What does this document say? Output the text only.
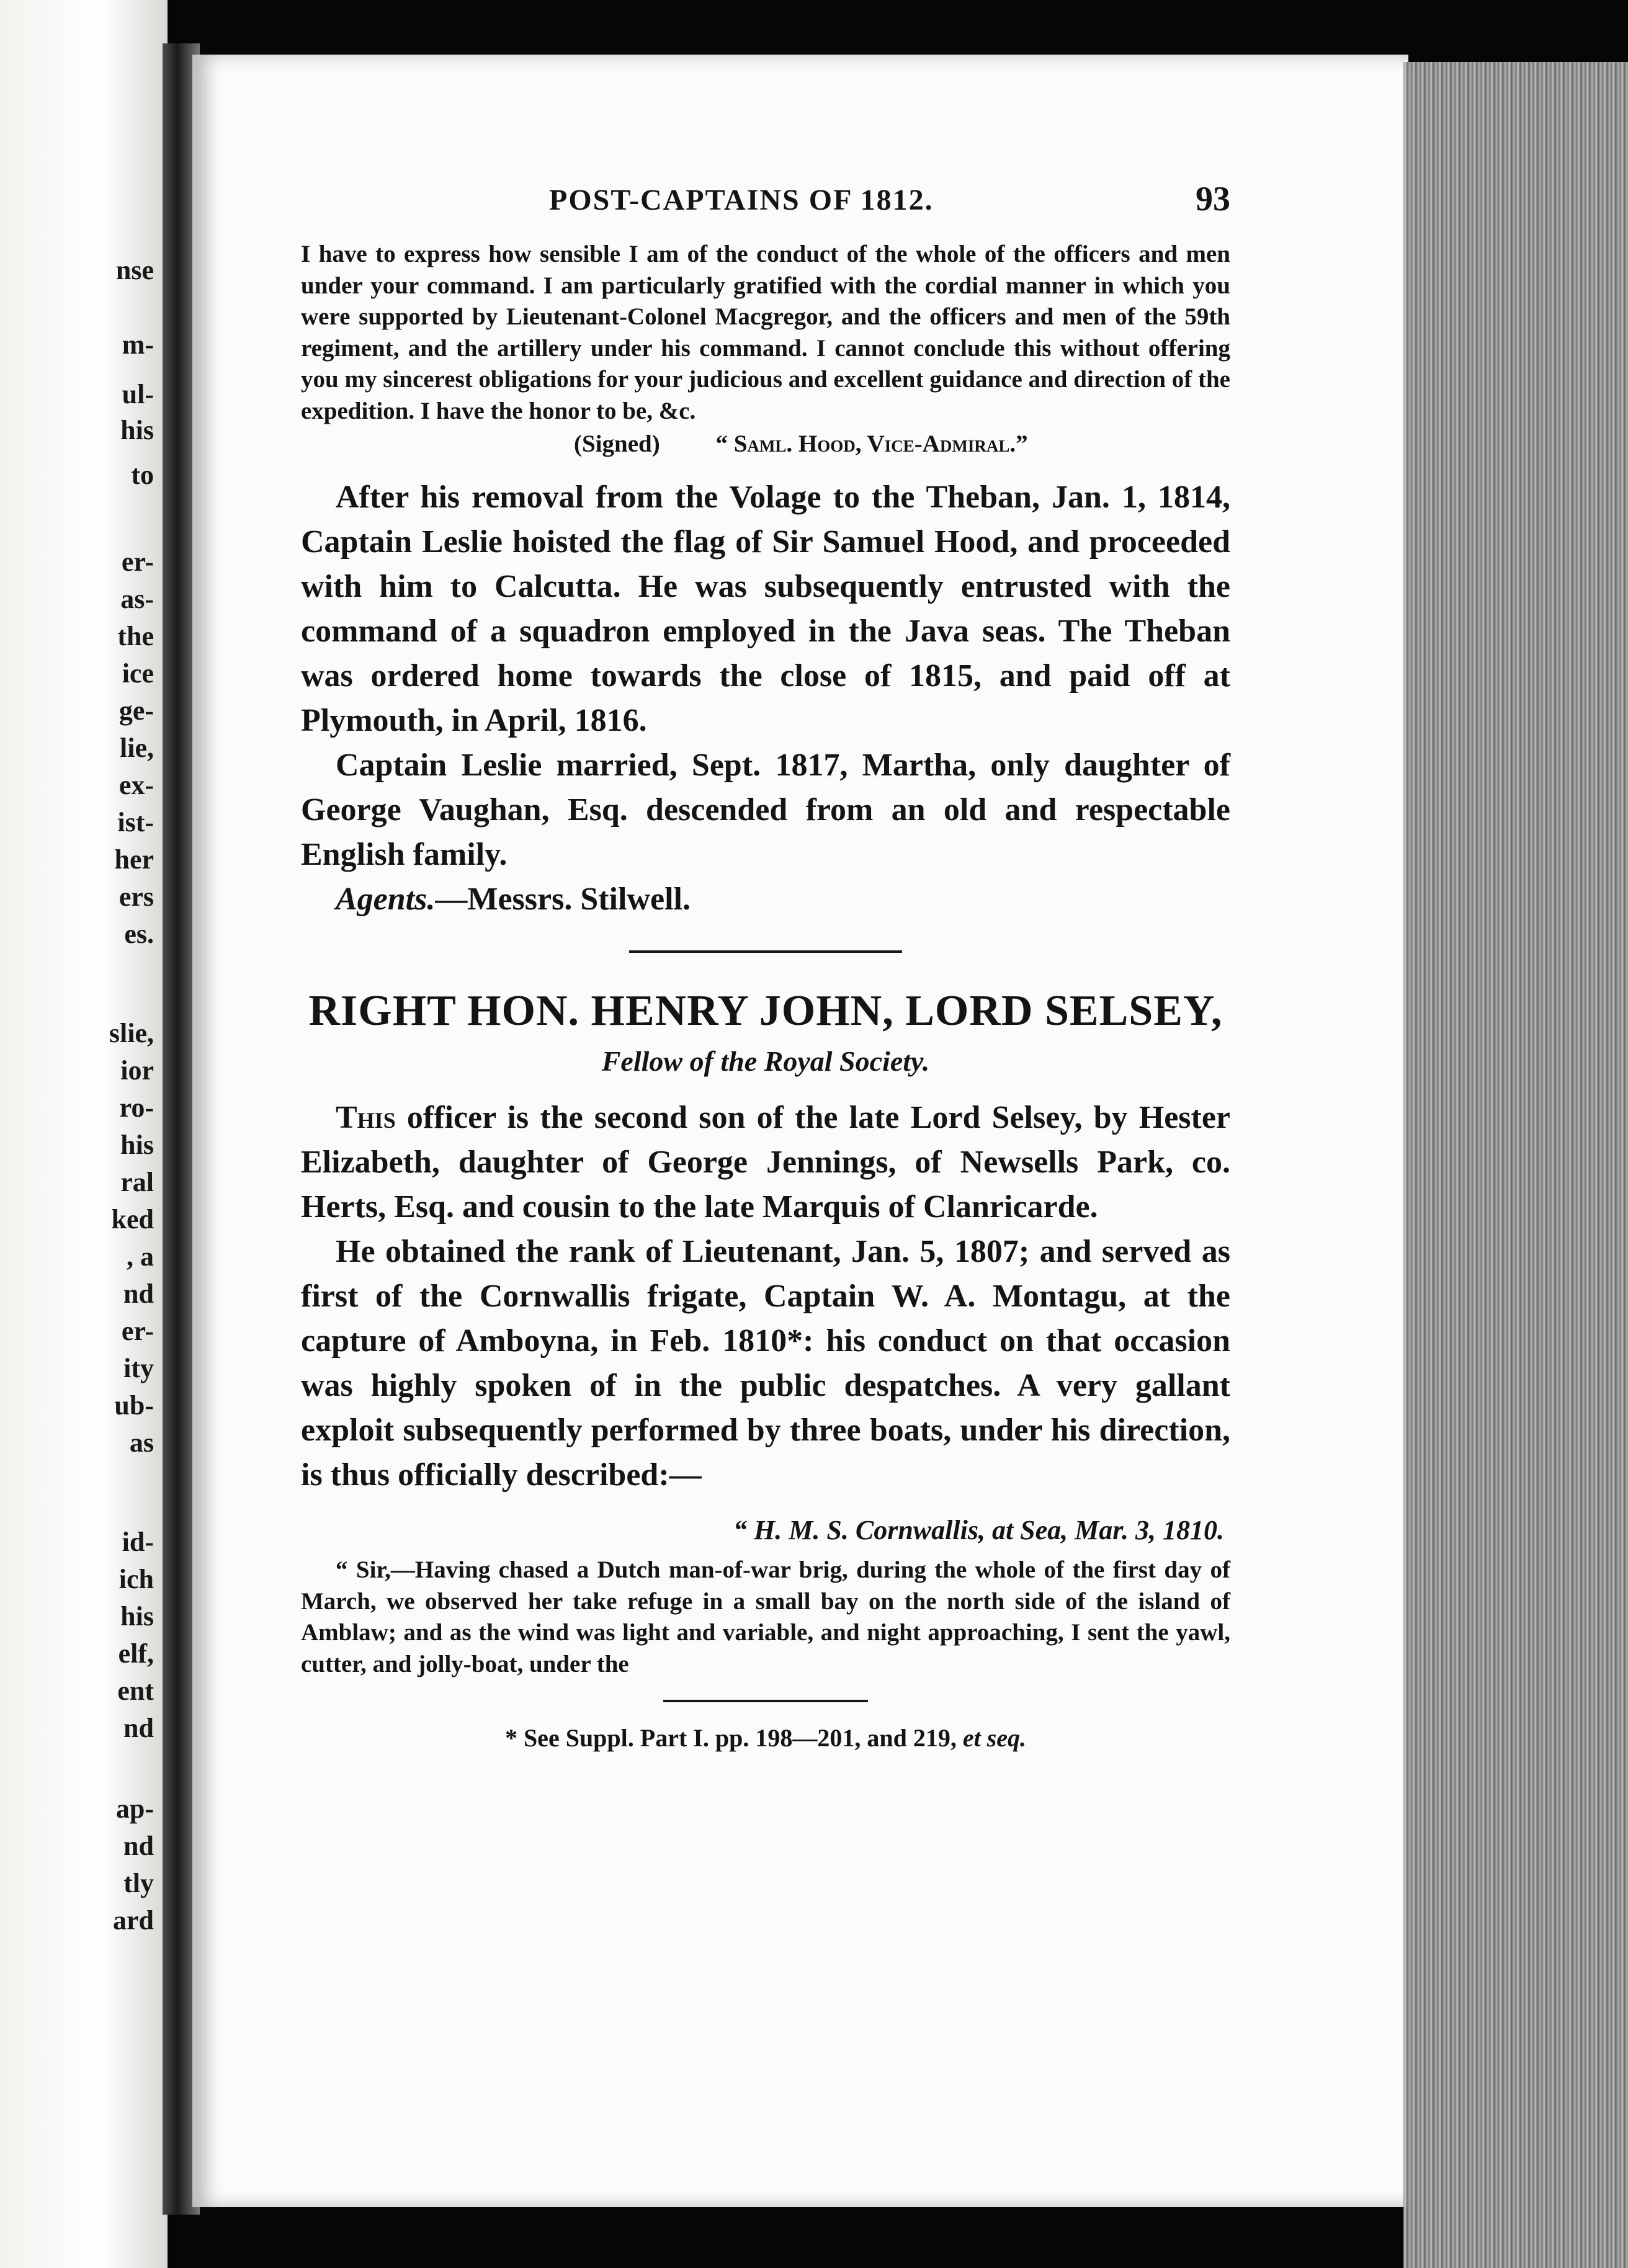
nse
m-
ul-
his
to
er-
as-
the
ice
ge-
lie,
ex-
ist-
her
ers
es.
slie,
ior
ro-
his
ral
ked
, a
nd
er-
ity
ub-
as
id-
ich
his
elf,
ent
nd
ap-
nd
tly
ard
POST-CAPTAINS OF 1812.	93

I have to express how sensible I am of the conduct of the whole of the officers and men under your command. I am particularly gratified with the cordial manner in which you were supported by Lieutenant-Colonel Macgregor, and the officers and men of the 59th regiment, and the artillery under his command. I cannot conclude this without offering you my sincerest obligations for your judicious and excellent guidance and direction of the expedition. I have the honor to be, &c.

(Signed) “ Saml. Hood, Vice-Admiral.”

After his removal from the Volage to the Theban, Jan. 1, 1814, Captain Leslie hoisted the flag of Sir Samuel Hood, and proceeded with him to Calcutta. He was subsequently entrusted with the command of a squadron employed in the Java seas. The Theban was ordered home towards the close of 1815, and paid off at Plymouth, in April, 1816.

Captain Leslie married, Sept. 1817, Martha, only daughter of George Vaughan, Esq. descended from an old and respectable English family.

Agents.—Messrs. Stilwell.

RIGHT HON. HENRY JOHN, LORD SELSEY,
Fellow of the Royal Society.

This officer is the second son of the late Lord Selsey, by Hester Elizabeth, daughter of George Jennings, of Newsells Park, co. Herts, Esq. and cousin to the late Marquis of Clanricarde.

He obtained the rank of Lieutenant, Jan. 5, 1807; and served as first of the Cornwallis frigate, Captain W. A. Montagu, at the capture of Amboyna, in Feb. 1810*: his conduct on that occasion was highly spoken of in the public despatches. A very gallant exploit subsequently performed by three boats, under his direction, is thus officially described:—

“ H. M. S. Cornwallis, at Sea, Mar. 3, 1810.

“ Sir,—Having chased a Dutch man-of-war brig, during the whole of the first day of March, we observed her take refuge in a small bay on the north side of the island of Amblaw; and as the wind was light and variable, and night approaching, I sent the yawl, cutter, and jolly-boat, under the

* See Suppl. Part I. pp. 198—201, and 219, et seq.
